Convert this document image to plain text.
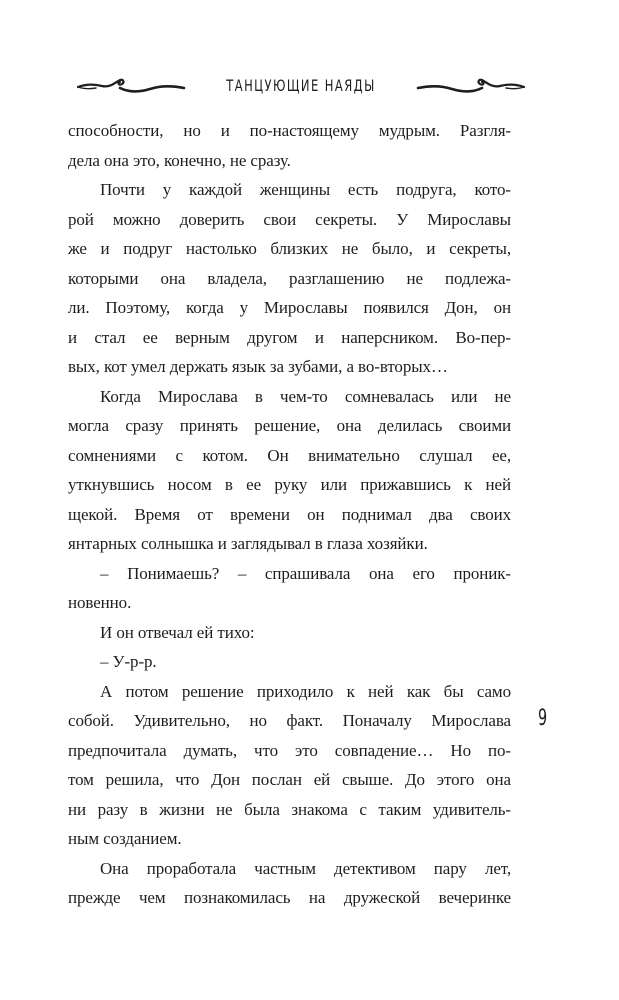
ТАНЦУЮЩИЕ НАЯДЫ
способности, но и по-настоящему мудрым. Разгля-
дела она это, конечно, не сразу.
Почти у каждой женщины есть подруга, кото-
рой можно доверить свои секреты. У Мирославы
же и подруг настолько близких не было, и секреты,
которыми она владела, разглашению не подлежа-
ли. Поэтому, когда у Мирославы появился Дон, он
и стал ее верным другом и наперсником. Во-пер-
вых, кот умел держать язык за зубами, а во-вторых…
Когда Мирослава в чем-то сомневалась или не
могла сразу принять решение, она делилась своими
сомнениями с котом. Он внимательно слушал ее,
уткнувшись носом в ее руку или прижавшись к ней
щекой. Время от времени он поднимал два своих
янтарных солнышка и заглядывал в глаза хозяйки.
– Понимаешь? – спрашивала она его проник-
новенно.
И он отвечал ей тихо:
– У-р-р.
А потом решение приходило к ней как бы само
собой. Удивительно, но факт. Поначалу Мирослава
предпочитала думать, что это совпадение… Но по-
том решила, что Дон послан ей свыше. До этого она
ни разу в жизни не была знакома с таким удивитель-
ным созданием.
Она проработала частным детективом пару лет,
прежде чем познакомилась на дружеской вечеринке
9
